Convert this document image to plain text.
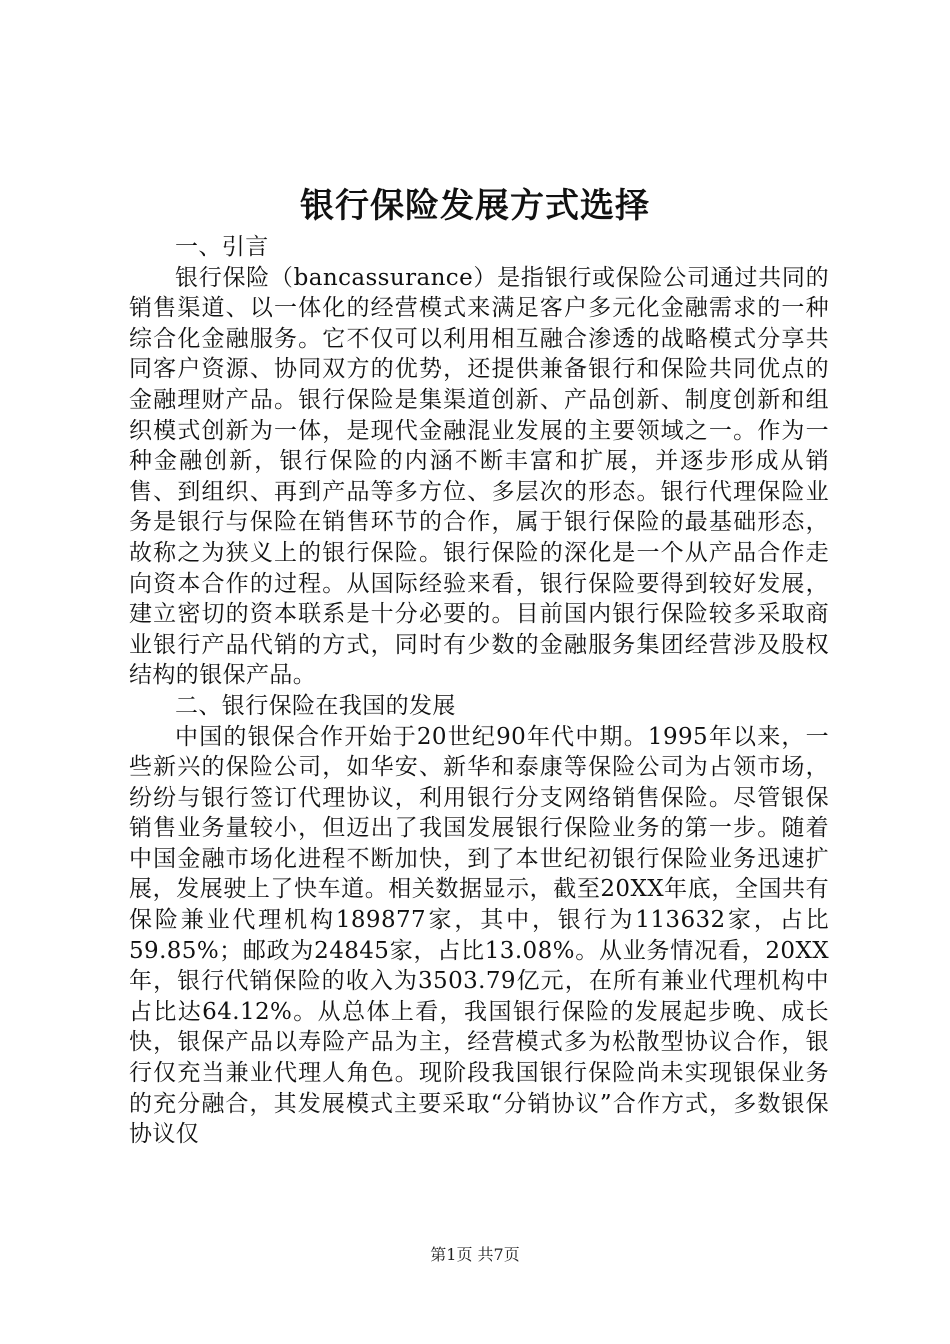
银行保险发展方式选择

一、引言

银行保险（bancassurance）是指银行或保险公司通过共同的销售渠道、以一体化的经营模式来满足客户多元化金融需求的一种综合化金融服务。它不仅可以利用相互融合渗透的战略模式分享共同客户资源、协同双方的优势，还提供兼备银行和保险共同优点的金融理财产品。银行保险是集渠道创新、产品创新、制度创新和组织模式创新为一体，是现代金融混业发展的主要领域之一。作为一种金融创新，银行保险的内涵不断丰富和扩展，并逐步形成从销售、到组织、再到产品等多方位、多层次的形态。银行代理保险业务是银行与保险在销售环节的合作，属于银行保险的最基础形态，故称之为狭义上的银行保险。银行保险的深化是一个从产品合作走向资本合作的过程。从国际经验来看，银行保险要得到较好发展，建立密切的资本联系是十分必要的。目前国内银行保险较多采取商业银行产品代销的方式，同时有少数的金融服务集团经营涉及股权结构的银保产品。

二、银行保险在我国的发展

中国的银保合作开始于20世纪90年代中期。1995年以来，一些新兴的保险公司，如华安、新华和泰康等保险公司为占领市场，纷纷与银行签订代理协议，利用银行分支网络销售保险。尽管银保销售业务量较小，但迈出了我国发展银行保险业务的第一步。随着中国金融市场化进程不断加快，到了本世纪初银行保险业务迅速扩展，发展驶上了快车道。相关数据显示，截至20XX年底，全国共有保险兼业代理机构189877家，其中，银行为113632家，占比59.85%；邮政为24845家，占比13.08%。从业务情况看，20XX年，银行代销保险的收入为3503.79亿元，在所有兼业代理机构中占比达64.12%。从总体上看，我国银行保险的发展起步晚、成长快，银保产品以寿险产品为主，经营模式多为松散型协议合作，银行仅充当兼业代理人角色。现阶段我国银行保险尚未实现银保业务的充分融合，其发展模式主要采取“分销协议”合作方式，多数银保协议仅

第1页 共7页
